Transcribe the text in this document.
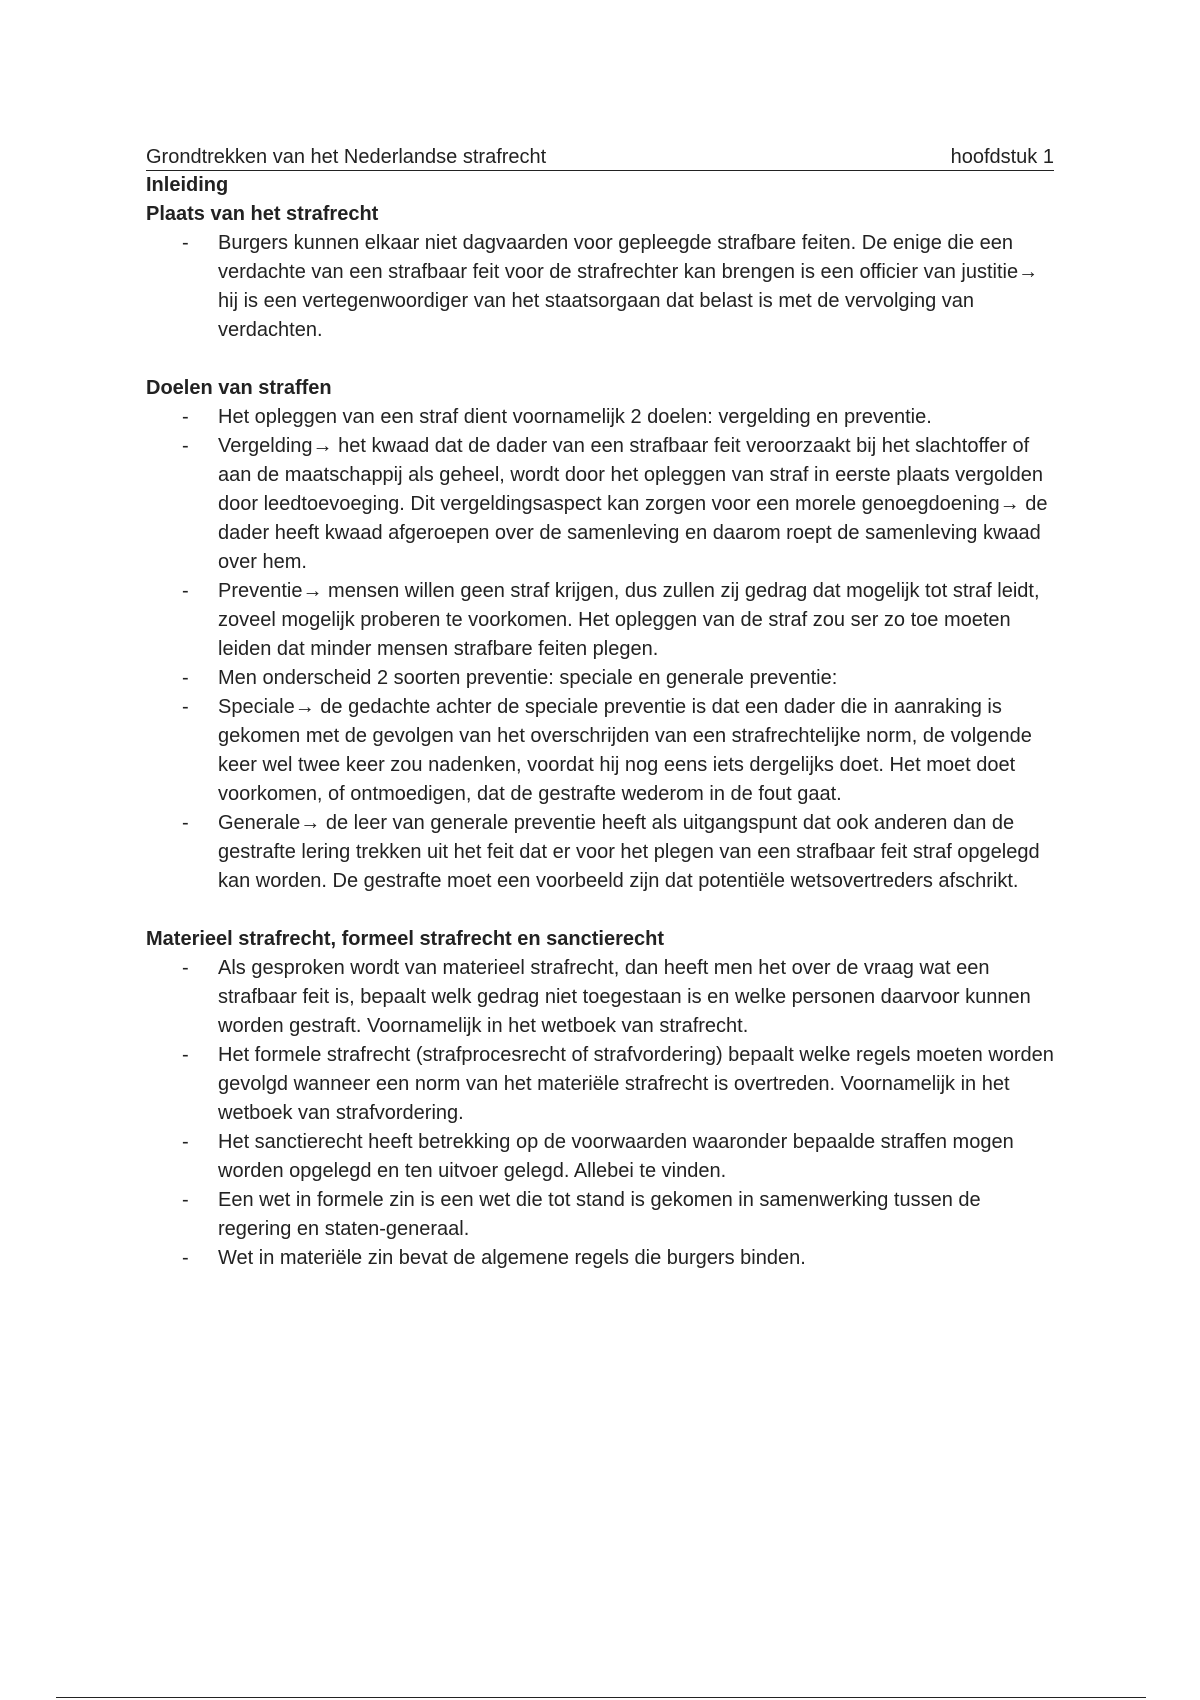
Grondtrekken van het Nederlandse strafrecht	hoofdstuk 1

Inleiding

Plaats van het strafrecht

- Burgers kunnen elkaar niet dagvaarden voor gepleegde strafbare feiten. De enige die een verdachte van een strafbaar feit voor de strafrechter kan brengen is een officier van justitie→ hij is een vertegenwoordiger van het staatsorgaan dat belast is met de vervolging van verdachten.

Doelen van straffen

- Het opleggen van een straf dient voornamelijk 2 doelen: vergelding en preventie.
- Vergelding→ het kwaad dat de dader van een strafbaar feit veroorzaakt bij het slachtoffer of aan de maatschappij als geheel, wordt door het opleggen van straf in eerste plaats vergolden door leedtoevoeging. Dit vergeldingsaspect kan zorgen voor een morele genoegdoening→ de dader heeft kwaad afgeroepen over de samenleving en daarom roept de samenleving kwaad over hem.
- Preventie→ mensen willen geen straf krijgen, dus zullen zij gedrag dat mogelijk tot straf leidt, zoveel mogelijk proberen te voorkomen. Het opleggen van de straf zou ser zo toe moeten leiden dat minder mensen strafbare feiten plegen.
- Men onderscheid 2 soorten preventie: speciale en generale preventie:
- Speciale→ de gedachte achter de speciale preventie is dat een dader die in aanraking is gekomen met de gevolgen van het overschrijden van een strafrechtelijke norm, de volgende keer wel twee keer zou nadenken, voordat hij nog eens iets dergelijks doet. Het moet doet voorkomen, of ontmoedigen, dat de gestrafte wederom in de fout gaat.
- Generale→ de leer van generale preventie heeft als uitgangspunt dat ook anderen dan de gestrafte lering trekken uit het feit dat er voor het plegen van een strafbaar feit straf opgelegd kan worden. De gestrafte moet een voorbeeld zijn dat potentiële wetsovertreders afschrikt.

Materieel strafrecht, formeel strafrecht en sanctierecht

- Als gesproken wordt van materieel strafrecht, dan heeft men het over de vraag wat een strafbaar feit is, bepaalt welk gedrag niet toegestaan is en welke personen daarvoor kunnen worden gestraft. Voornamelijk in het wetboek van strafrecht.
- Het formele strafrecht (strafprocesrecht of strafvordering) bepaalt welke regels moeten worden gevolgd wanneer een norm van het materiële strafrecht is overtreden. Voornamelijk in het wetboek van strafvordering.
- Het sanctierecht heeft betrekking op de voorwaarden waaronder bepaalde straffen mogen worden opgelegd en ten uitvoer gelegd. Allebei te vinden.
- Een wet in formele zin is een wet die tot stand is gekomen in samenwerking tussen de regering en staten-generaal.
- Wet in materiële zin bevat de algemene regels die burgers binden.
